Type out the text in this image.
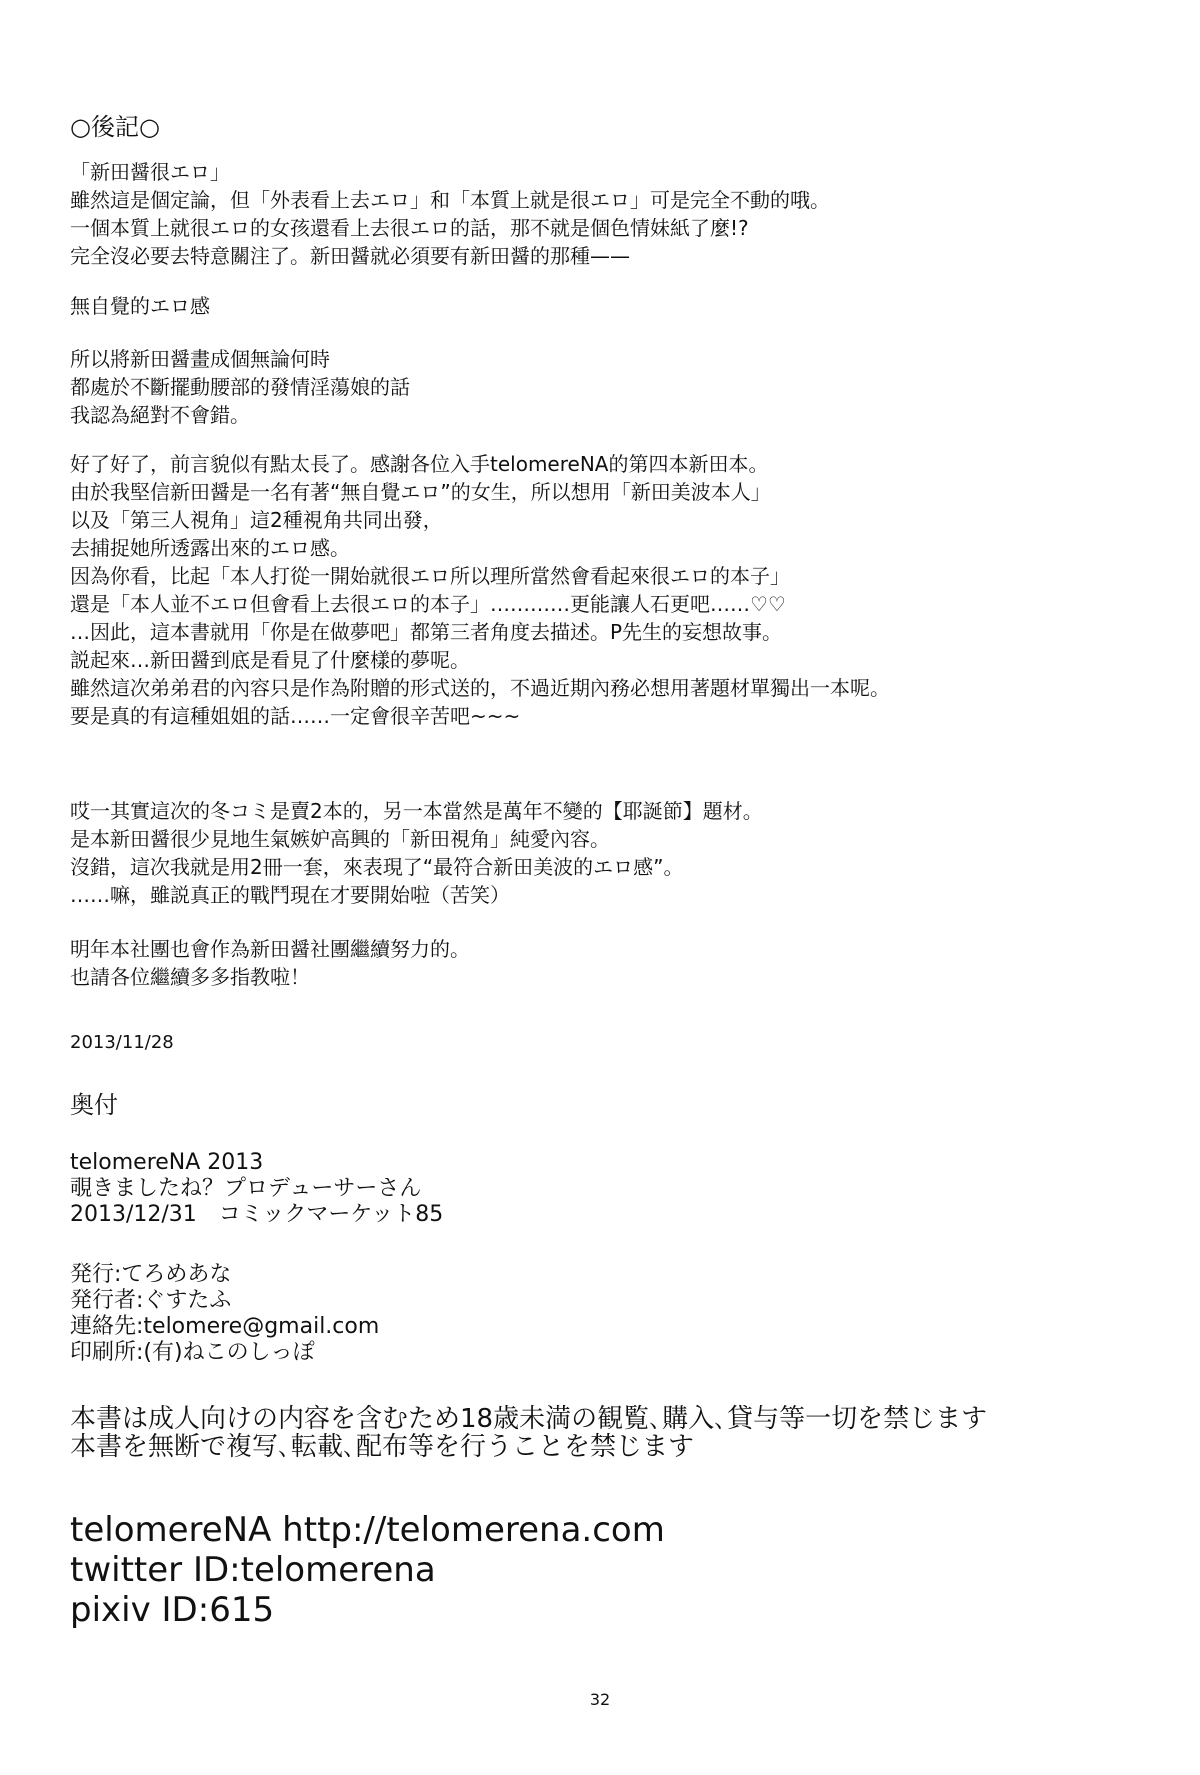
○後記○
「新田醤很エロ」
雖然這是個定論，但「外表看上去エロ」和「本質上就是很エロ」可是完全不動的哦。
一個本質上就很エロ的女孩還看上去很エロ的話，那不就是個色情妹紙了麼!?
完全沒必要去特意關注了。新田醤就必須要有新田醤的那種——
無自覺的エロ感
所以將新田醤畫成個無論何時
都處於不斷擺動腰部的發情淫蕩娘的話
我認為絕對不會錯。
好了好了，前言貌似有點太長了。感謝各位入手telomereNA的第四本新田本。
由於我堅信新田醤是一名有著“無自覺エロ”的女生，所以想用「新田美波本人」
以及「第三人視角」這2種視角共同出發，
去捕捉她所透露出來的エロ感。
因為你看，比起「本人打從一開始就很エロ所以理所當然會看起來很エロ的本子」
還是「本人並不エロ但會看上去很エロ的本子」…………更能讓人石更吧……♡♡
…因此，這本書就用「你是在做夢吧」都第三者角度去描述。P先生的妄想故事。
説起來…新田醤到底是看見了什麼樣的夢呢。
雖然這次弟弟君的內容只是作為附贈的形式送的，不過近期內務必想用著題材單獨出一本呢。
要是真的有這種姐姐的話……一定會很辛苦吧~~~
哎一其實這次的冬コミ是賣2本的，另一本當然是萬年不變的【耶誕節】題材。
是本新田醤很少見地生氣嫉妒高興的「新田視角」純愛內容。
沒錯，這次我就是用2冊一套，來表現了“最符合新田美波的エロ感”。
……嘛，雖説真正的戰鬥現在才要開始啦（苦笑）
明年本社團也會作為新田醤社團繼續努力的。
也請各位繼續多多指教啦！
2013/11/28
奥付
telomereNA 2013
覗きましたね？プロデューサーさん
2013/12/31　コミックマーケット85
発行:てろめあな
発行者:ぐすたふ
連絡先:telomere@gmail.com
印刷所:(有)ねこのしっぽ
本書は成人向けの内容を含むため18歳未満の観覧､購入､貸与等一切を禁じます
本書を無断で複写､転載､配布等を行うことを禁じます
telomereNA http://telomerena.com
twitter ID:telomerena
pixiv ID:615
32
